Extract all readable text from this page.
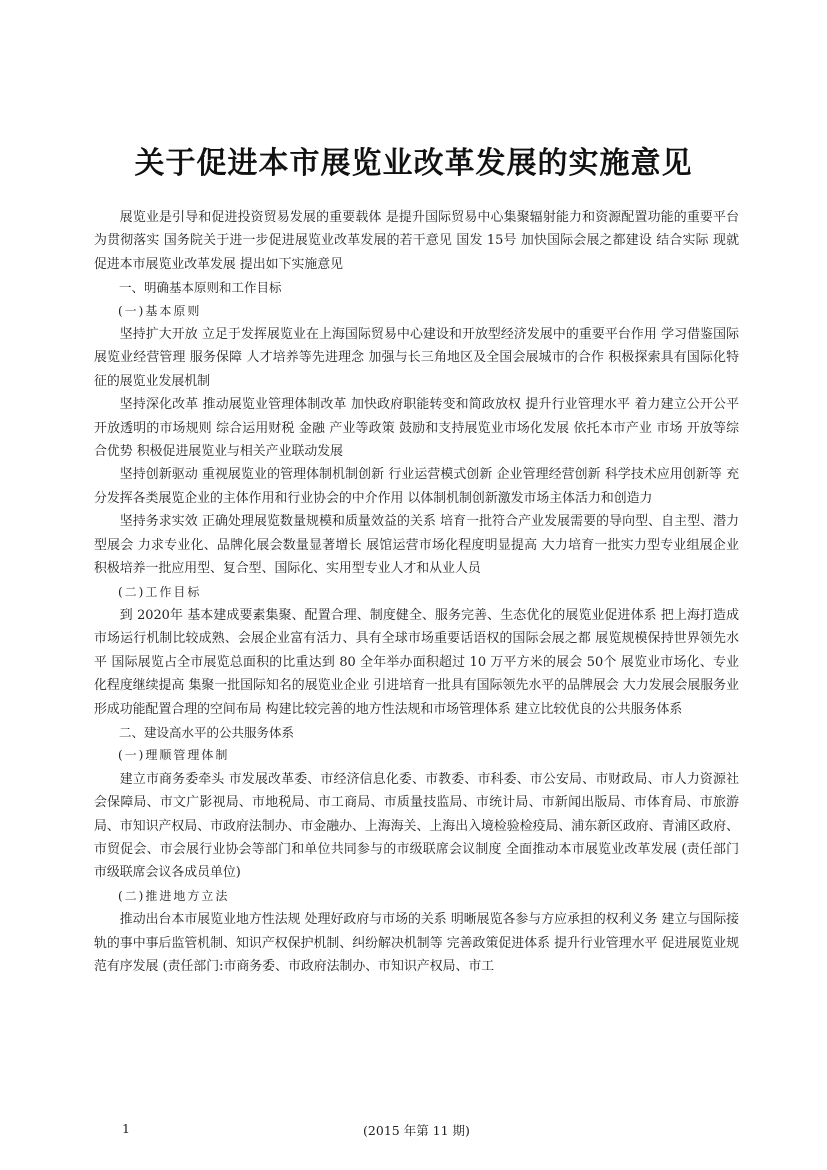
关于促进本市展览业改革发展的实施意见

展览业是引导和促进投资贸易发展的重要载体 是提升国际贸易中心集聚辐射能力和资源配置功能的重要平台 为贯彻落实 国务院关于进一步促进展览业改革发展的若干意见 国发 15号 加快国际会展之都建设 结合实际 现就促进本市展览业改革发展 提出如下实施意见

一、明确基本原则和工作目标

(一)基本原则

坚持扩大开放 立足于发挥展览业在上海国际贸易中心建设和开放型经济发展中的重要平台作用 学习借鉴国际展览业经营管理 服务保障 人才培养等先进理念 加强与长三角地区及全国会展城市的合作 积极探索具有国际化特征的展览业发展机制

坚持深化改革 推动展览业管理体制改革 加快政府职能转变和简政放权 提升行业管理水平 着力建立公开公平 开放透明的市场规则 综合运用财税 金融 产业等政策 鼓励和支持展览业市场化发展 依托本市产业 市场 开放等综合优势 积极促进展览业与相关产业联动发展

坚持创新驱动 重视展览业的管理体制机制创新 行业运营模式创新 企业管理经营创新 科学技术应用创新等 充分发挥各类展览企业的主体作用和行业协会的中介作用 以体制机制创新激发市场主体活力和创造力

坚持务求实效 正确处理展览数量规模和质量效益的关系 培育一批符合产业发展需要的导向型、自主型、潜力型展会 力求专业化、品牌化展会数量显著增长 展馆运营市场化程度明显提高 大力培育一批实力型专业组展企业 积极培养一批应用型、复合型、国际化、实用型专业人才和从业人员

(二)工作目标

到 2020年 基本建成要素集聚、配置合理、制度健全、服务完善、生态优化的展览业促进体系 把上海打造成市场运行机制比较成熟、会展企业富有活力、具有全球市场重要话语权的国际会展之都 展览规模保持世界领先水平 国际展览占全市展览总面积的比重达到 80 全年举办面积超过 10 万平方米的展会 50个 展览业市场化、专业化程度继续提高 集聚一批国际知名的展览业企业 引进培育一批具有国际领先水平的品牌展会 大力发展会展服务业 形成功能配置合理的空间布局 构建比较完善的地方性法规和市场管理体系 建立比较优良的公共服务体系

二、建设高水平的公共服务体系

(一)理顺管理体制

建立市商务委牵头 市发展改革委、市经济信息化委、市教委、市科委、市公安局、市财政局、市人力资源社会保障局、市文广影视局、市地税局、市工商局、市质量技监局、市统计局、市新闻出版局、市体育局、市旅游局、市知识产权局、市政府法制办、市金融办、上海海关、上海出入境检验检疫局、浦东新区政府、青浦区政府、市贸促会、市会展行业协会等部门和单位共同参与的市级联席会议制度 全面推动本市展览业改革发展 (责任部门 市级联席会议各成员单位)

(二)推进地方立法

推动出台本市展览业地方性法规 处理好政府与市场的关系 明晰展览各参与方应承担的权利义务 建立与国际接轨的事中事后监管机制、知识产权保护机制、纠纷解决机制等 完善政策促进体系 提升行业管理水平 促进展览业规范有序发展 (责任部门:市商务委、市政府法制办、市知识产权局、市工

1	(2015 年第 11 期)
